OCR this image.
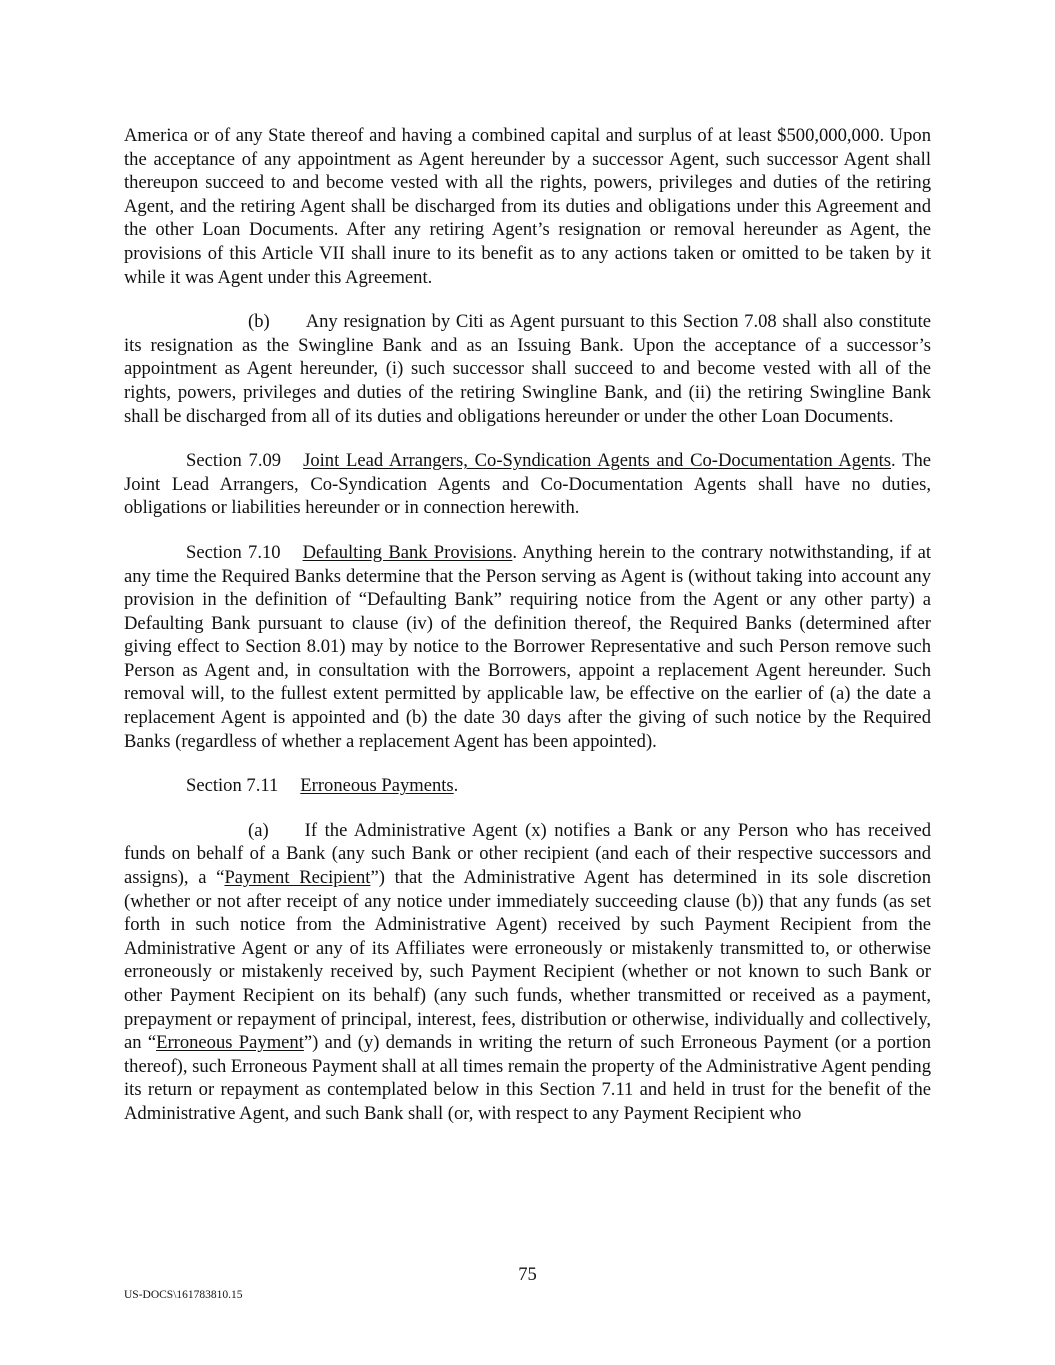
America or of any State thereof and having a combined capital and surplus of at least $500,000,000. Upon the acceptance of any appointment as Agent hereunder by a successor Agent, such successor Agent shall thereupon succeed to and become vested with all the rights, powers, privileges and duties of the retiring Agent, and the retiring Agent shall be discharged from its duties and obligations under this Agreement and the other Loan Documents. After any retiring Agent’s resignation or removal hereunder as Agent, the provisions of this Article VII shall inure to its benefit as to any actions taken or omitted to be taken by it while it was Agent under this Agreement.

(b) Any resignation by Citi as Agent pursuant to this Section 7.08 shall also constitute its resignation as the Swingline Bank and as an Issuing Bank. Upon the acceptance of a successor’s appointment as Agent hereunder, (i) such successor shall succeed to and become vested with all of the rights, powers, privileges and duties of the retiring Swingline Bank, and (ii) the retiring Swingline Bank shall be discharged from all of its duties and obligations hereunder or under the other Loan Documents.

Section 7.09 Joint Lead Arrangers, Co-Syndication Agents and Co-Documentation Agents. The Joint Lead Arrangers, Co-Syndication Agents and Co-Documentation Agents shall have no duties, obligations or liabilities hereunder or in connection herewith.

Section 7.10 Defaulting Bank Provisions. Anything herein to the contrary notwithstanding, if at any time the Required Banks determine that the Person serving as Agent is (without taking into account any provision in the definition of “Defaulting Bank” requiring notice from the Agent or any other party) a Defaulting Bank pursuant to clause (iv) of the definition thereof, the Required Banks (determined after giving effect to Section 8.01) may by notice to the Borrower Representative and such Person remove such Person as Agent and, in consultation with the Borrowers, appoint a replacement Agent hereunder. Such removal will, to the fullest extent permitted by applicable law, be effective on the earlier of (a) the date a replacement Agent is appointed and (b) the date 30 days after the giving of such notice by the Required Banks (regardless of whether a replacement Agent has been appointed).

Section 7.11 Erroneous Payments.

(a) If the Administrative Agent (x) notifies a Bank or any Person who has received funds on behalf of a Bank (any such Bank or other recipient (and each of their respective successors and assigns), a “Payment Recipient”) that the Administrative Agent has determined in its sole discretion (whether or not after receipt of any notice under immediately succeeding clause (b)) that any funds (as set forth in such notice from the Administrative Agent) received by such Payment Recipient from the Administrative Agent or any of its Affiliates were erroneously or mistakenly transmitted to, or otherwise erroneously or mistakenly received by, such Payment Recipient (whether or not known to such Bank or other Payment Recipient on its behalf) (any such funds, whether transmitted or received as a payment, prepayment or repayment of principal, interest, fees, distribution or otherwise, individually and collectively, an “Erroneous Payment”) and (y) demands in writing the return of such Erroneous Payment (or a portion thereof), such Erroneous Payment shall at all times remain the property of the Administrative Agent pending its return or repayment as contemplated below in this Section 7.11 and held in trust for the benefit of the Administrative Agent, and such Bank shall (or, with respect to any Payment Recipient who

75
US-DOCS\161783810.15
